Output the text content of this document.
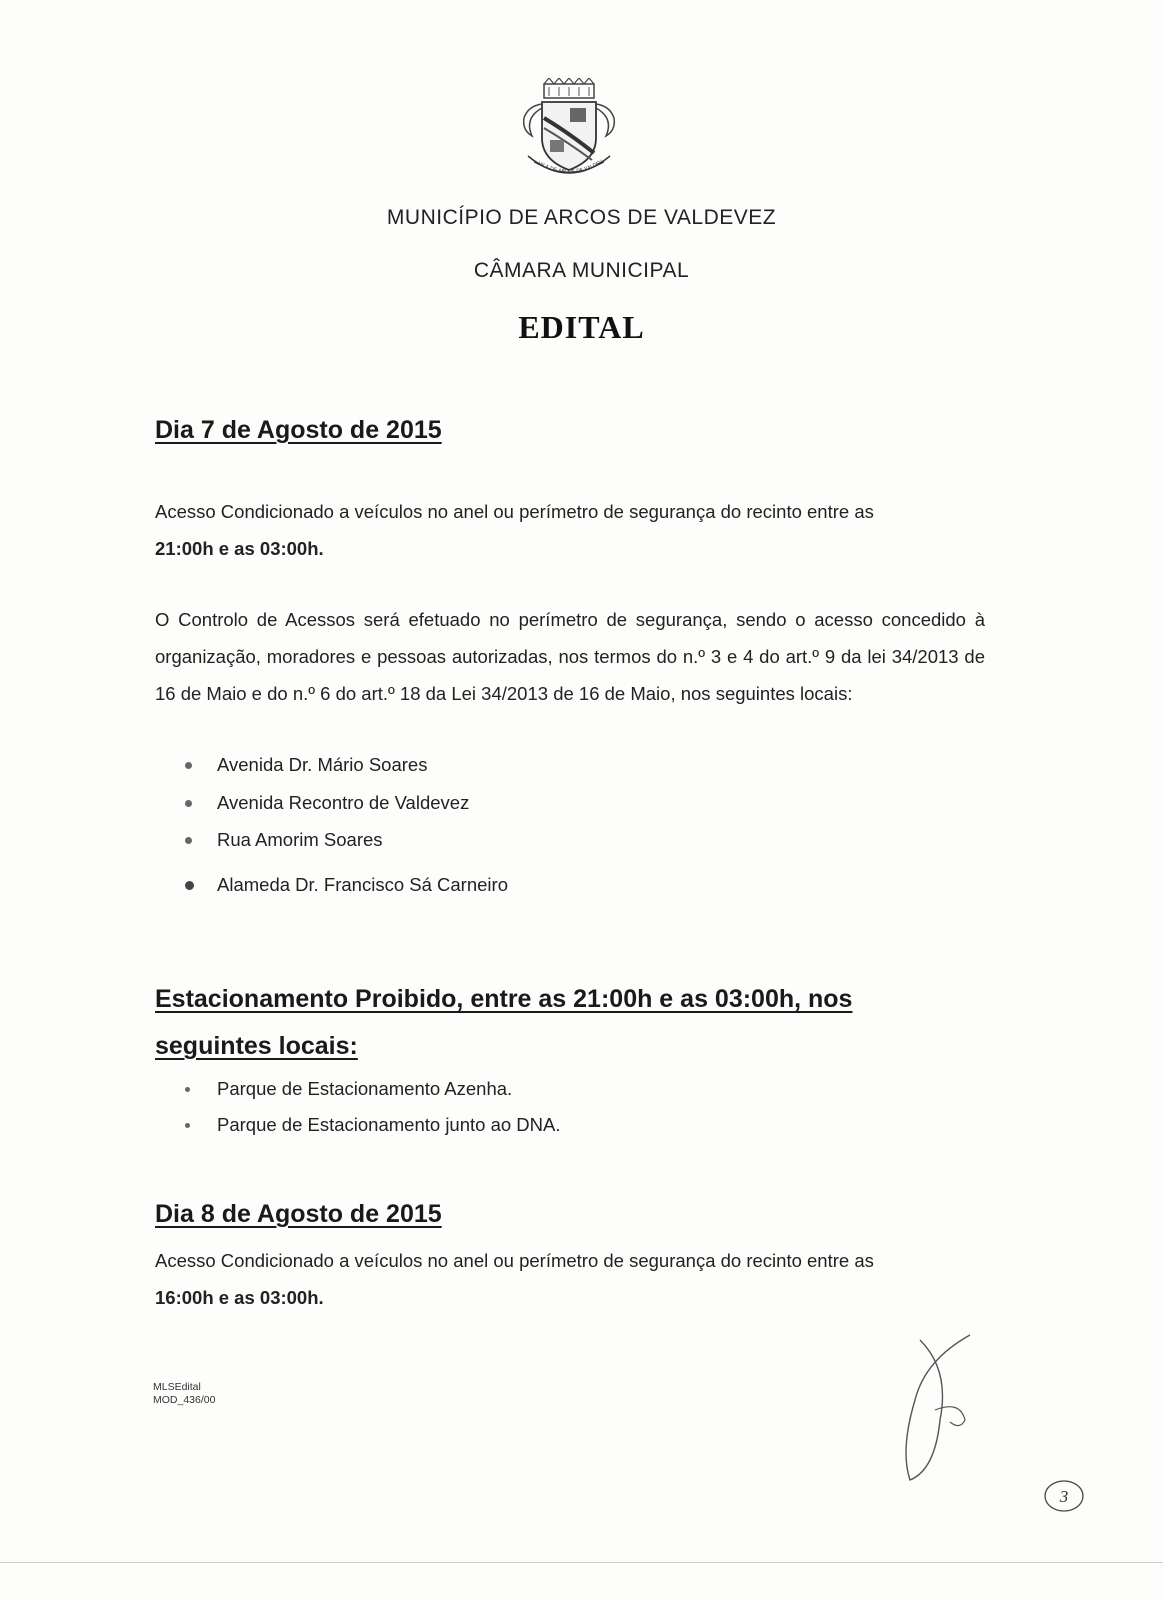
VILA DE ARCOS DE VALDEV
MUNICÍPIO DE ARCOS DE VALDEVEZ
CÂMARA MUNICIPAL
EDITAL
Dia 7 de Agosto de 2015
Acesso Condicionado a veículos no anel ou perímetro de segurança do recinto entre as
21:00h e as 03:00h.
O Controlo de Acessos será efetuado no perímetro de segurança, sendo o acesso concedido à organização, moradores e pessoas autorizadas, nos termos do n.º 3 e 4 do art.º 9 da lei 34/2013 de 16 de Maio e do n.º 6 do art.º 18 da Lei 34/2013 de 16 de Maio, nos seguintes locais:
Avenida Dr. Mário Soares
Avenida Recontro de Valdevez
Rua Amorim Soares
Alameda Dr. Francisco Sá Carneiro
Estacionamento Proibido, entre as 21:00h e as 03:00h, nos
seguintes locais:
Parque de Estacionamento Azenha.
Parque de Estacionamento junto ao DNA.
Dia 8 de Agosto de 2015
Acesso Condicionado a veículos no anel ou perímetro de segurança do recinto entre as
16:00h e as 03:00h.
MLSEdital
MOD_436/00
3
